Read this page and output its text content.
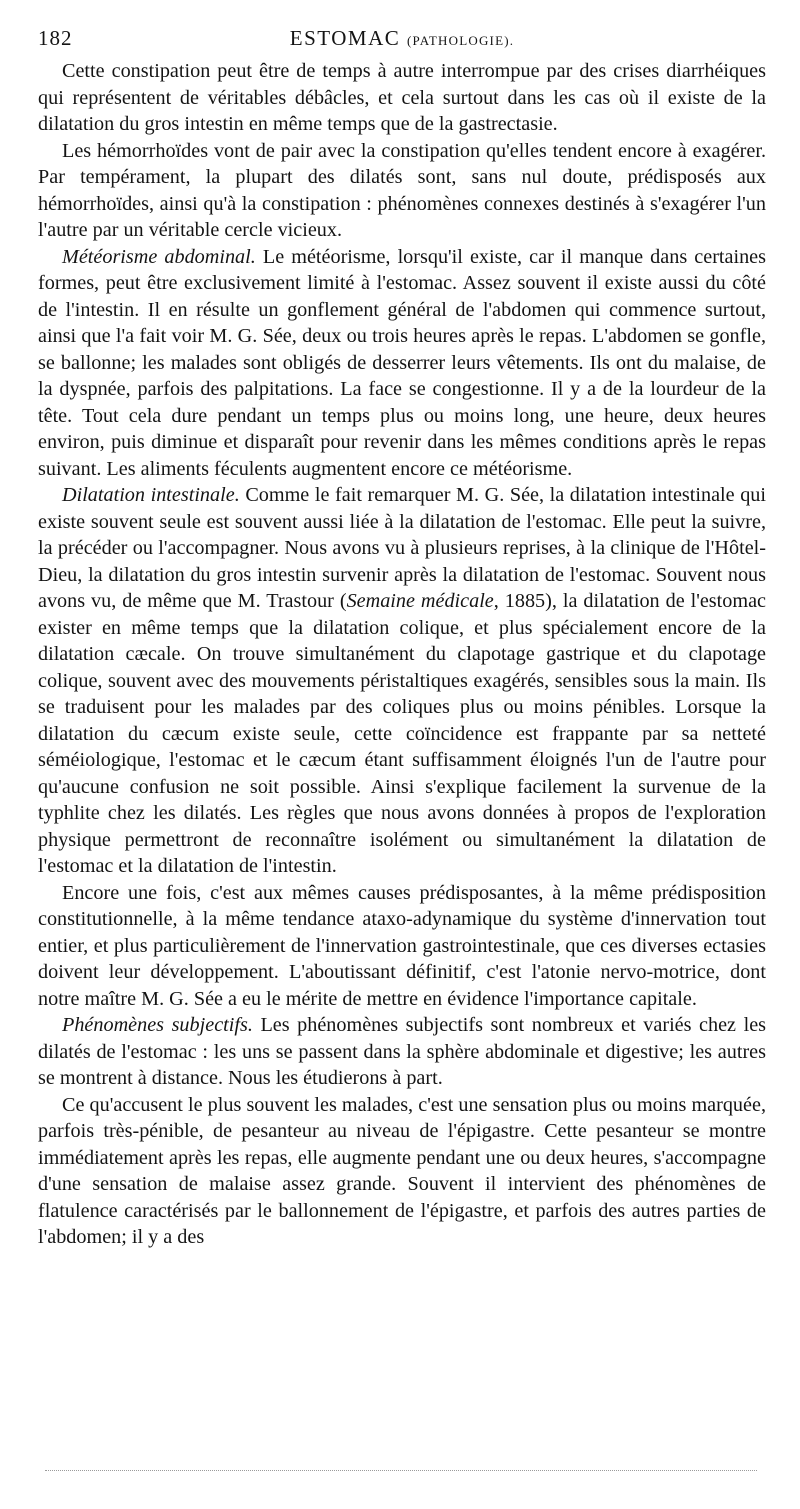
182	ESTOMAC (PATHOLOGIE).

Cette constipation peut être de temps à autre interrompue par des crises diarrhéiques qui représentent de véritables débâcles, et cela surtout dans les cas où il existe de la dilatation du gros intestin en même temps que de la gastrectasie.

Les hémorrhoïdes vont de pair avec la constipation qu'elles tendent encore à exagérer. Par tempérament, la plupart des dilatés sont, sans nul doute, prédisposés aux hémorrhoïdes, ainsi qu'à la constipation : phénomènes connexes destinés à s'exagérer l'un l'autre par un véritable cercle vicieux.

Météorisme abdominal. Le météorisme, lorsqu'il existe, car il manque dans certaines formes, peut être exclusivement limité à l'estomac. Assez souvent il existe aussi du côté de l'intestin. Il en résulte un gonflement général de l'abdomen qui commence surtout, ainsi que l'a fait voir M. G. Sée, deux ou trois heures après le repas. L'abdomen se gonfle, se ballonne; les malades sont obligés de desserrer leurs vêtements. Ils ont du malaise, de la dyspnée, parfois des palpitations. La face se congestionne. Il y a de la lourdeur de la tête. Tout cela dure pendant un temps plus ou moins long, une heure, deux heures environ, puis diminue et disparaît pour revenir dans les mêmes conditions après le repas suivant. Les aliments féculents augmentent encore ce météorisme.

Dilatation intestinale. Comme le fait remarquer M. G. Sée, la dilatation intestinale qui existe souvent seule est souvent aussi liée à la dilatation de l'estomac. Elle peut la suivre, la précéder ou l'accompagner. Nous avons vu à plusieurs reprises, à la clinique de l'Hôtel-Dieu, la dilatation du gros intestin survenir après la dilatation de l'estomac. Souvent nous avons vu, de même que M. Trastour (Semaine médicale, 1885), la dilatation de l'estomac exister en même temps que la dilatation colique, et plus spécialement encore de la dilatation cæcale. On trouve simultanément du clapotage gastrique et du clapotage colique, souvent avec des mouvements péristaltiques exagérés, sensibles sous la main. Ils se traduisent pour les malades par des coliques plus ou moins pénibles. Lorsque la dilatation du cæcum existe seule, cette coïncidence est frappante par sa netteté séméiologique, l'estomac et le cæcum étant suffisamment éloignés l'un de l'autre pour qu'aucune confusion ne soit possible. Ainsi s'explique facilement la survenue de la typhlite chez les dilatés. Les règles que nous avons données à propos de l'exploration physique permettront de reconnaître isolément ou simultanément la dilatation de l'estomac et la dilatation de l'intestin.

Encore une fois, c'est aux mêmes causes prédisposantes, à la même prédisposition constitutionnelle, à la même tendance ataxo-adynamique du système d'innervation tout entier, et plus particulièrement de l'innervation gastrointestinale, que ces diverses ectasies doivent leur développement. L'aboutissant définitif, c'est l'atonie nervo-motrice, dont notre maître M. G. Sée a eu le mérite de mettre en évidence l'importance capitale.

Phénomènes subjectifs. Les phénomènes subjectifs sont nombreux et variés chez les dilatés de l'estomac : les uns se passent dans la sphère abdominale et digestive; les autres se montrent à distance. Nous les étudierons à part.

Ce qu'accusent le plus souvent les malades, c'est une sensation plus ou moins marquée, parfois très-pénible, de pesanteur au niveau de l'épigastre. Cette pesanteur se montre immédiatement après les repas, elle augmente pendant une ou deux heures, s'accompagne d'une sensation de malaise assez grande. Souvent il intervient des phénomènes de flatulence caractérisés par le ballonnement de l'épigastre, et parfois des autres parties de l'abdomen; il y a des
